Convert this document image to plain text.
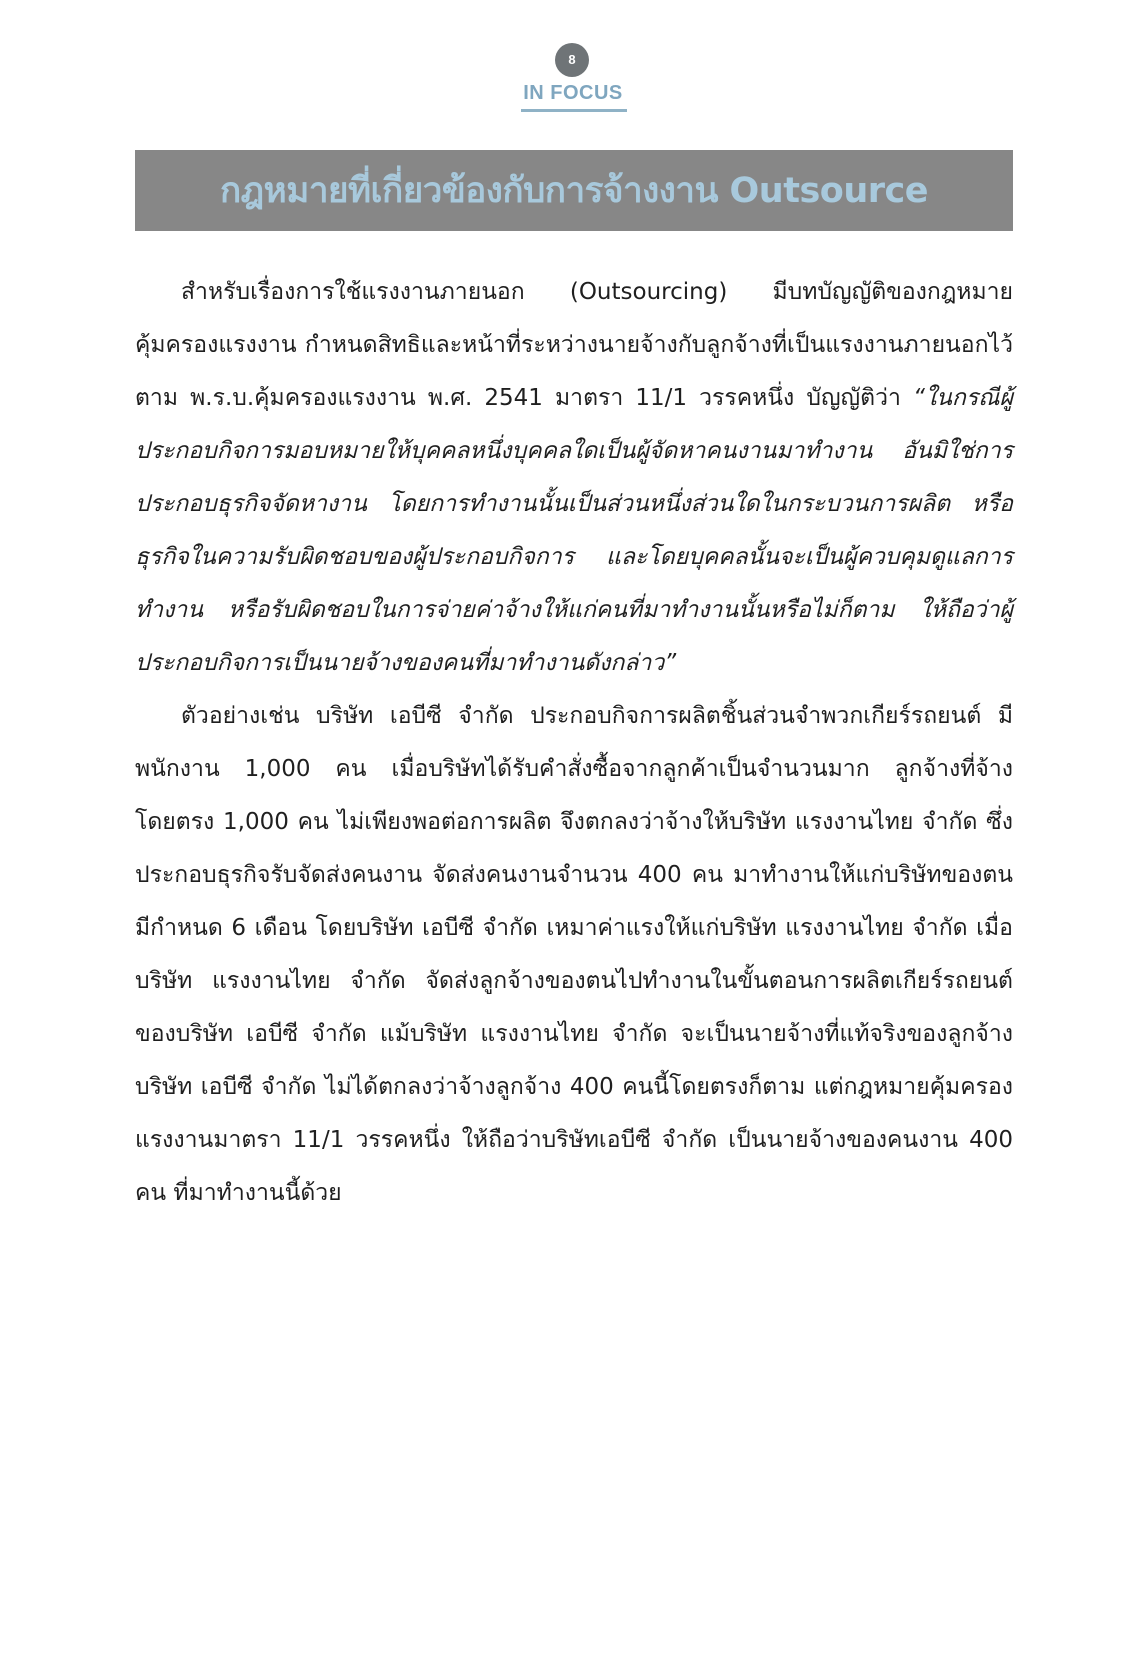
8
IN FOCUS
กฎหมายที่เกี่ยวข้องกับการจ้างงาน Outsource

สำหรับเรื่องการใช้แรงงานภายนอก (Outsourcing) มีบทบัญญัติของกฎหมายคุ้มครองแรงงาน กำหนดสิทธิและหน้าที่ระหว่างนายจ้างกับลูกจ้างที่เป็นแรงงานภายนอกไว้ ตาม พ.ร.บ.คุ้มครองแรงงาน พ.ศ. 2541 มาตรา 11/1 วรรคหนึ่ง บัญญัติว่า “ในกรณีผู้ประกอบกิจการมอบหมายให้บุคคลหนึ่งบุคคลใดเป็นผู้จัดหาคนงานมาทำงาน อันมิใช่การประกอบธุรกิจจัดหางาน โดยการทำงานนั้นเป็นส่วนหนึ่งส่วนใดในกระบวนการผลิต หรือธุรกิจในความรับผิดชอบของผู้ประกอบกิจการ และโดยบุคคลนั้นจะเป็นผู้ควบคุมดูแลการทำงาน หรือรับผิดชอบในการจ่ายค่าจ้างให้แก่คนที่มาทำงานนั้นหรือไม่ก็ตาม ให้ถือว่าผู้ประกอบกิจการเป็นนายจ้างของคนที่มาทำงานดังกล่าว”

ตัวอย่างเช่น บริษัท เอบีซี จำกัด ประกอบกิจการผลิตชิ้นส่วนจำพวกเกียร์รถยนต์ มีพนักงาน 1,000 คน เมื่อบริษัทได้รับคำสั่งซื้อจากลูกค้าเป็นจำนวนมาก ลูกจ้างที่จ้างโดยตรง 1,000 คน ไม่เพียงพอต่อการผลิต จึงตกลงว่าจ้างให้บริษัท แรงงานไทย จำกัด ซึ่งประกอบธุรกิจรับจัดส่งคนงาน จัดส่งคนงานจำนวน 400 คน มาทำงานให้แก่บริษัทของตน มีกำหนด 6 เดือน โดยบริษัท เอบีซี จำกัด เหมาค่าแรงให้แก่บริษัท แรงงานไทย จำกัด เมื่อบริษัท แรงงานไทย จำกัด จัดส่งลูกจ้างของตนไปทำงานในขั้นตอนการผลิตเกียร์รถยนต์ของบริษัท เอบีซี จำกัด แม้บริษัท แรงงานไทย จำกัด จะเป็นนายจ้างที่แท้จริงของลูกจ้าง บริษัท เอบีซี จำกัด ไม่ได้ตกลงว่าจ้างลูกจ้าง 400 คนนี้โดยตรงก็ตาม แต่กฎหมายคุ้มครองแรงงานมาตรา 11/1 วรรคหนึ่ง ให้ถือว่าบริษัทเอบีซี จำกัด เป็นนายจ้างของคนงาน 400 คน ที่มาทำงานนี้ด้วย
